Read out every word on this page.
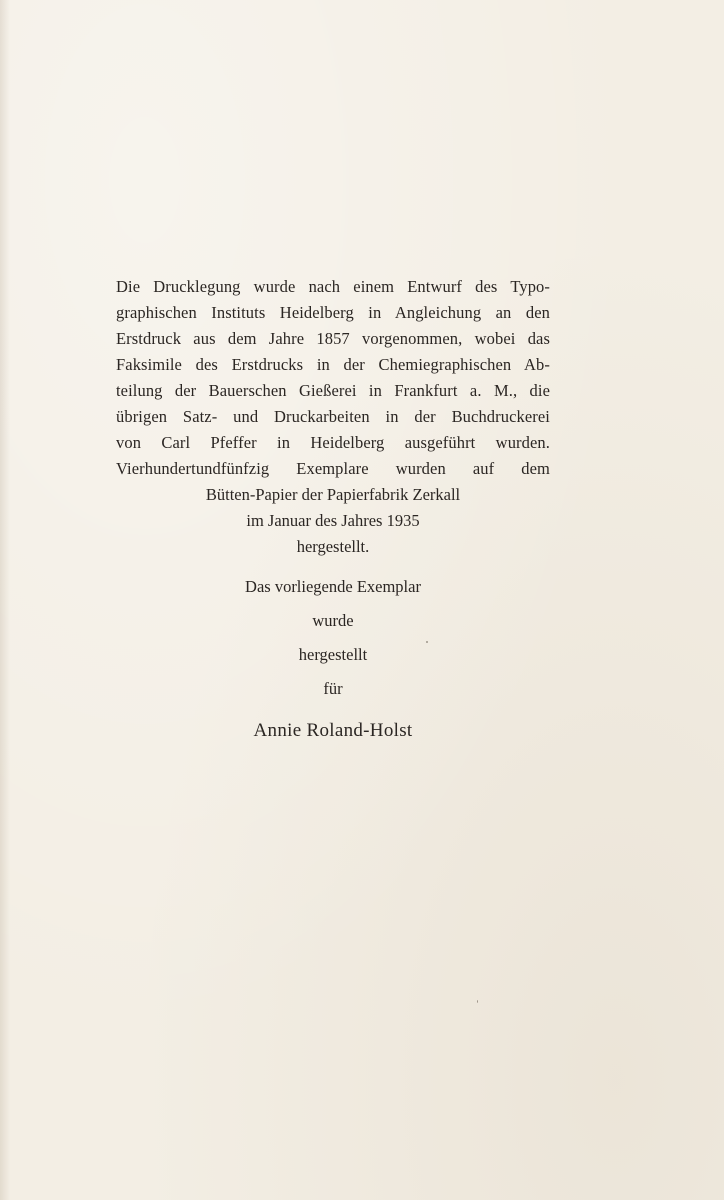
Die Drucklegung wurde nach einem Entwurf des Typo-
graphischen Instituts Heidelberg in Angleichung an den
Erstdruck aus dem Jahre 1857 vorgenommen, wobei das
Faksimile des Erstdrucks in der Chemiegraphischen Ab-
teilung der Bauerschen Gießerei in Frankfurt a. M., die
übrigen Satz- und Druckarbeiten in der Buchdruckerei
von Carl Pfeffer in Heidelberg ausgeführt wurden.
Vierhundertundfünfzig Exemplare wurden auf dem
Bütten-Papier der Papierfabrik Zerkall
im Januar des Jahres 1935
hergestellt.
Das vorliegende Exemplar
wurde
hergestellt
für
Annie Roland-Holst
